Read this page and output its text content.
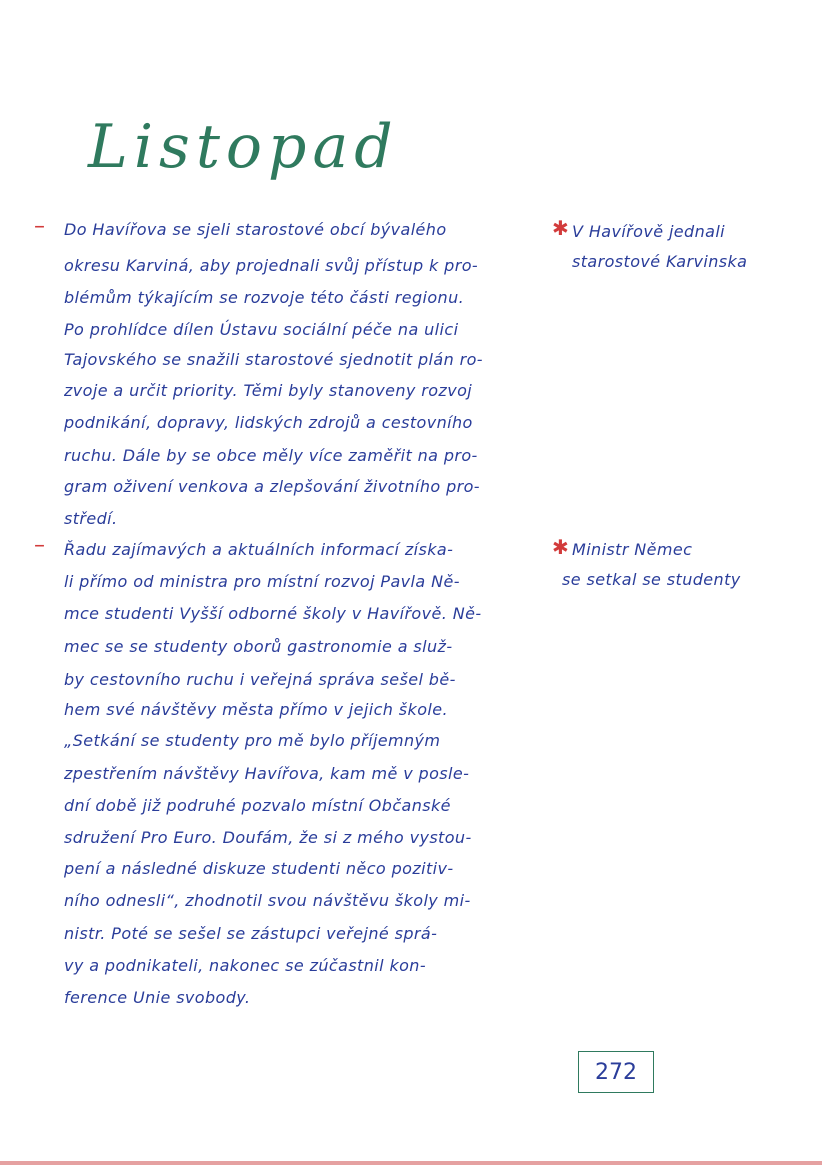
Listopad
– Do Havířova se sjeli starostové obcí bývalého
okresu Karviná, aby projednali svůj přístup k pro-
blémům týkajícím se rozvoje této části regionu.
Po prohlídce dílen Ústavu sociální péče na ulici
Tajovského se snažili starostové sjednotit plán ro-
zvoje a určit priority. Těmi byly stanoveny rozvoj
podnikání, dopravy, lidských zdrojů a cestovního
ruchu. Dále by se obce měly více zaměřit na pro-
gram oživení venkova a zlepšování životního pro-
středí.
✱ V Havířově jednali
starostové Karvinska
– Řadu zajímavých a aktuálních informací získa-
li přímo od ministra pro místní rozvoj Pavla Ně-
mce studenti Vyšší odborné školy v Havířově. Ně-
mec se se studenty oborů gastronomie a služ-
by cestovního ruchu i veřejná správa sešel bě-
hem své návštěvy města přímo v jejich škole.
„Setkání se studenty pro mě bylo příjemným
zpestřením návštěvy Havířova, kam mě v posle-
dní době již podruhé pozvalo místní Občanské
sdružení Pro Euro. Doufám, že si z mého vystou-
pení a následné diskuze studenti něco pozitiv-
ního odnesli“, zhodnotil svou návštěvu školy mi-
nistr. Poté se sešel se zástupci veřejné sprá-
vy a podnikateli, nakonec se zúčastnil kon-
ference Unie svobody.
✱ Ministr Němec
se setkal se studenty
272
